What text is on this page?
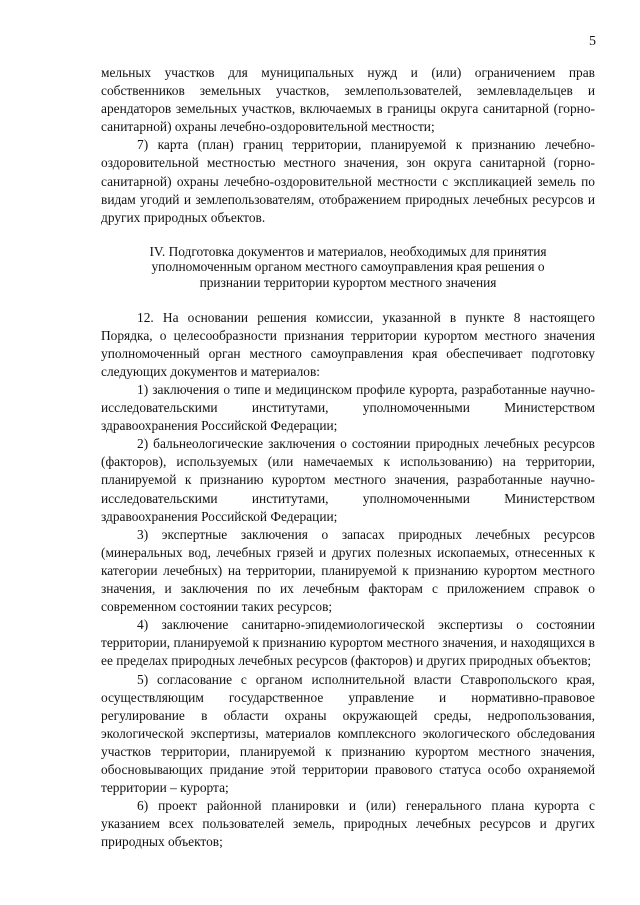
5

мельных участков для муниципальных нужд и (или) ограничением прав собственников земельных участков, землепользователей, землевладельцев и арендаторов земельных участков, включаемых в границы округа санитарной (горно-санитарной) охраны лечебно-оздоровительной местности;

7) карта (план) границ территории, планируемой к признанию лечебно-оздоровительной местностью местного значения, зон округа санитарной (горно-санитарной) охраны лечебно-оздоровительной местности с экспликацией земель по видам угодий и землепользователям, отображением природных лечебных ресурсов и других природных объектов.

IV. Подготовка документов и материалов, необходимых для принятия
уполномоченным органом местного самоуправления края решения о
признании территории курортом местного значения

12. На основании решения комиссии, указанной в пункте 8 настоящего Порядка, о целесообразности признания территории курортом местного значения уполномоченный орган местного самоуправления края обеспечивает подготовку следующих документов и материалов:

1) заключения о типе и медицинском профиле курорта, разработанные научно-исследовательскими институтами, уполномоченными Министерством здравоохранения Российской Федерации;

2) бальнеологические заключения о состоянии природных лечебных ресурсов (факторов), используемых (или намечаемых к использованию) на территории, планируемой к признанию курортом местного значения, разработанные научно-исследовательскими институтами, уполномоченными Министерством здравоохранения Российской Федерации;

3) экспертные заключения о запасах природных лечебных ресурсов (минеральных вод, лечебных грязей и других полезных ископаемых, отнесенных к категории лечебных) на территории, планируемой к признанию курортом местного значения, и заключения по их лечебным факторам с приложением справок о современном состоянии таких ресурсов;

4) заключение санитарно-эпидемиологической экспертизы о состоянии территории, планируемой к признанию курортом местного значения, и находящихся в ее пределах природных лечебных ресурсов (факторов) и других природных объектов;

5) согласование с органом исполнительной власти Ставропольского края, осуществляющим государственное управление и нормативно-правовое регулирование в области охраны окружающей среды, недропользования, экологической экспертизы, материалов комплексного экологического обследования участков территории, планируемой к признанию курортом местного значения, обосновывающих придание этой территории правового статуса особо охраняемой территории – курорта;

6) проект районной планировки и (или) генерального плана курорта с указанием всех пользователей земель, природных лечебных ресурсов и других природных объектов;
